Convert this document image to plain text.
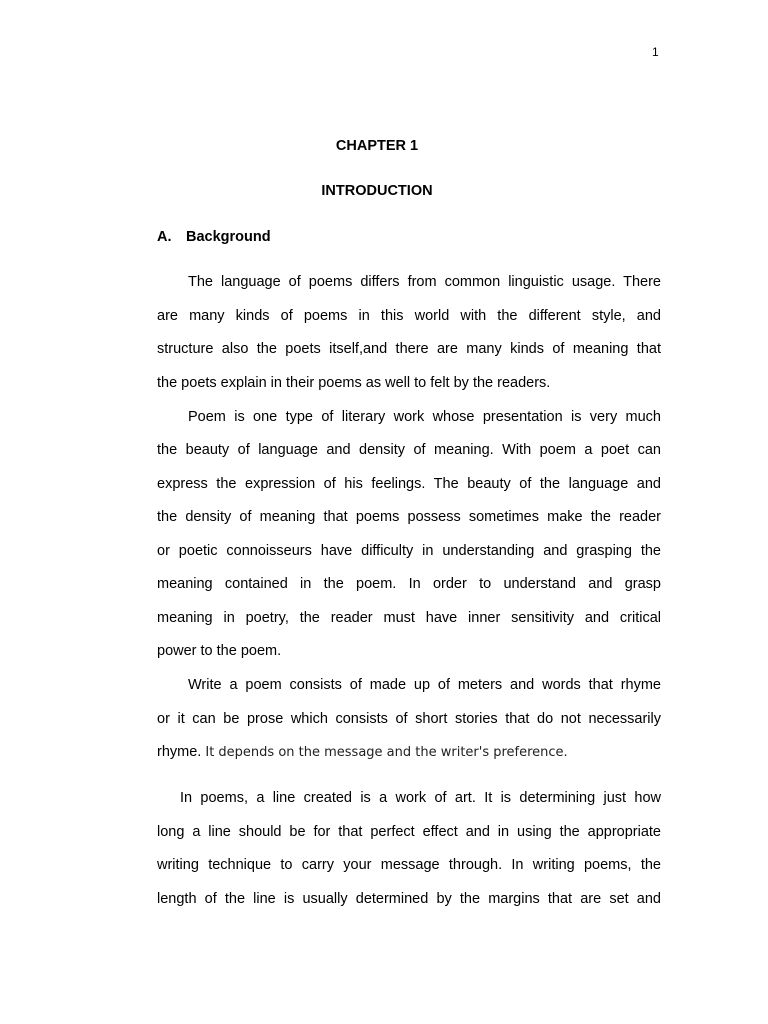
1
CHAPTER 1
INTRODUCTION
A. Background
The language of poems differs from common linguistic usage. There
are many kinds of poems in this world with the different style, and
structure also the poets itself,and there are many kinds of meaning that
the poets explain in their poems as well to felt by the readers.
Poem is one type of literary work whose presentation is very much
the beauty of language and density of meaning. With poem a poet can
express the expression of his feelings. The beauty of the language and
the density of meaning that poems possess sometimes make the reader
or poetic connoisseurs have difficulty in understanding and grasping the
meaning contained in the poem. In order to understand and grasp
meaning in poetry, the reader must have inner sensitivity and critical
power to the poem.
Write a poem consists of made up of meters and words that rhyme
or it can be prose which consists of short stories that do not necessarily
rhyme. It depends on the message and the writer's preference.
In poems, a line created is a work of art. It is determining just how
long a line should be for that perfect effect and in using the appropriate
writing technique to carry your message through. In writing poems, the
length of the line is usually determined by the margins that are set and
